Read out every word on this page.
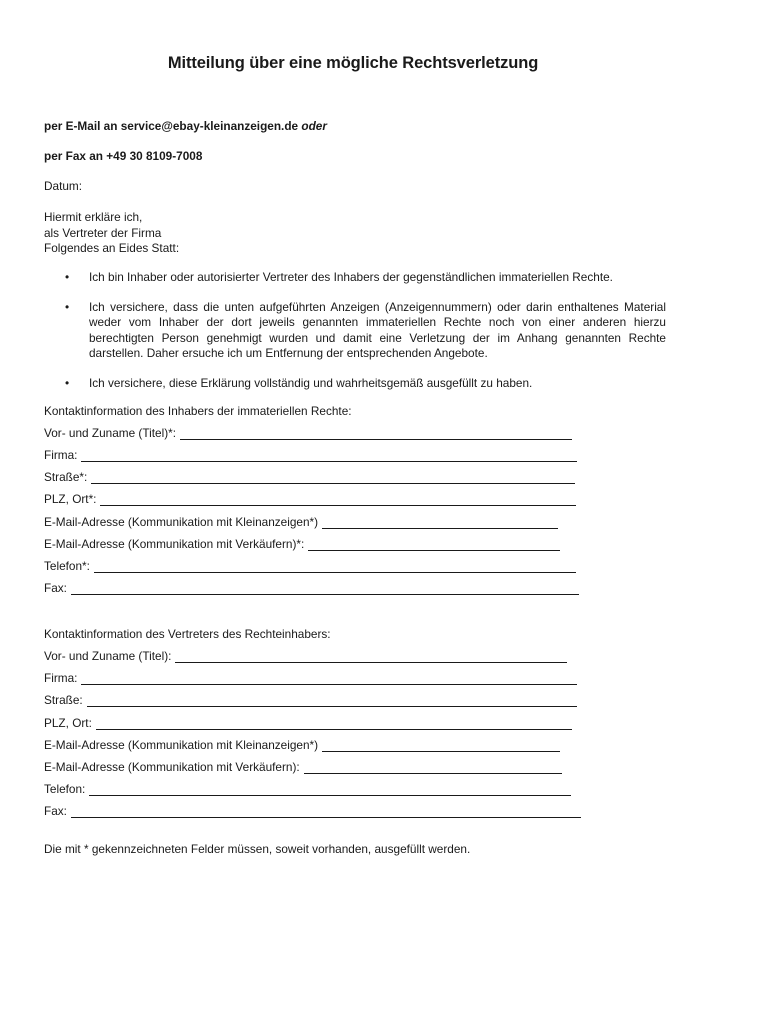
Mitteilung über eine mögliche Rechtsverletzung
per E-Mail an service@ebay-kleinanzeigen.de oder
per Fax an +49 30 8109-7008
Datum:
Hiermit erkläre ich,
als Vertreter der Firma
Folgendes an Eides Statt:
• Ich bin Inhaber oder autorisierter Vertreter des Inhabers der gegenständlichen immateriellen Rechte.
• Ich versichere, dass die unten aufgeführten Anzeigen (Anzeigennummern) oder darin enthaltenes Material weder vom Inhaber der dort jeweils genannten immateriellen Rechte noch von einer anderen hierzu berechtigten Person genehmigt wurden und damit eine Verletzung der im Anhang genannten Rechte darstellen. Daher ersuche ich um Entfernung der entsprechenden Angebote.
• Ich versichere, diese Erklärung vollständig und wahrheitsgemäß ausgefüllt zu haben.
Kontaktinformation des Inhabers der immateriellen Rechte:
Vor- und Zuname (Titel)*:
Firma:
Straße*:
PLZ, Ort*:
E-Mail-Adresse (Kommunikation mit Kleinanzeigen*)
E-Mail-Adresse (Kommunikation mit Verkäufern)*:
Telefon*:
Fax:
Kontaktinformation des Vertreters des Rechteinhabers:
Vor- und Zuname (Titel):
Firma:
Straße:
PLZ, Ort:
E-Mail-Adresse (Kommunikation mit Kleinanzeigen*)
E-Mail-Adresse (Kommunikation mit Verkäufern):
Telefon:
Fax:
Die mit * gekennzeichneten Felder müssen, soweit vorhanden, ausgefüllt werden.
